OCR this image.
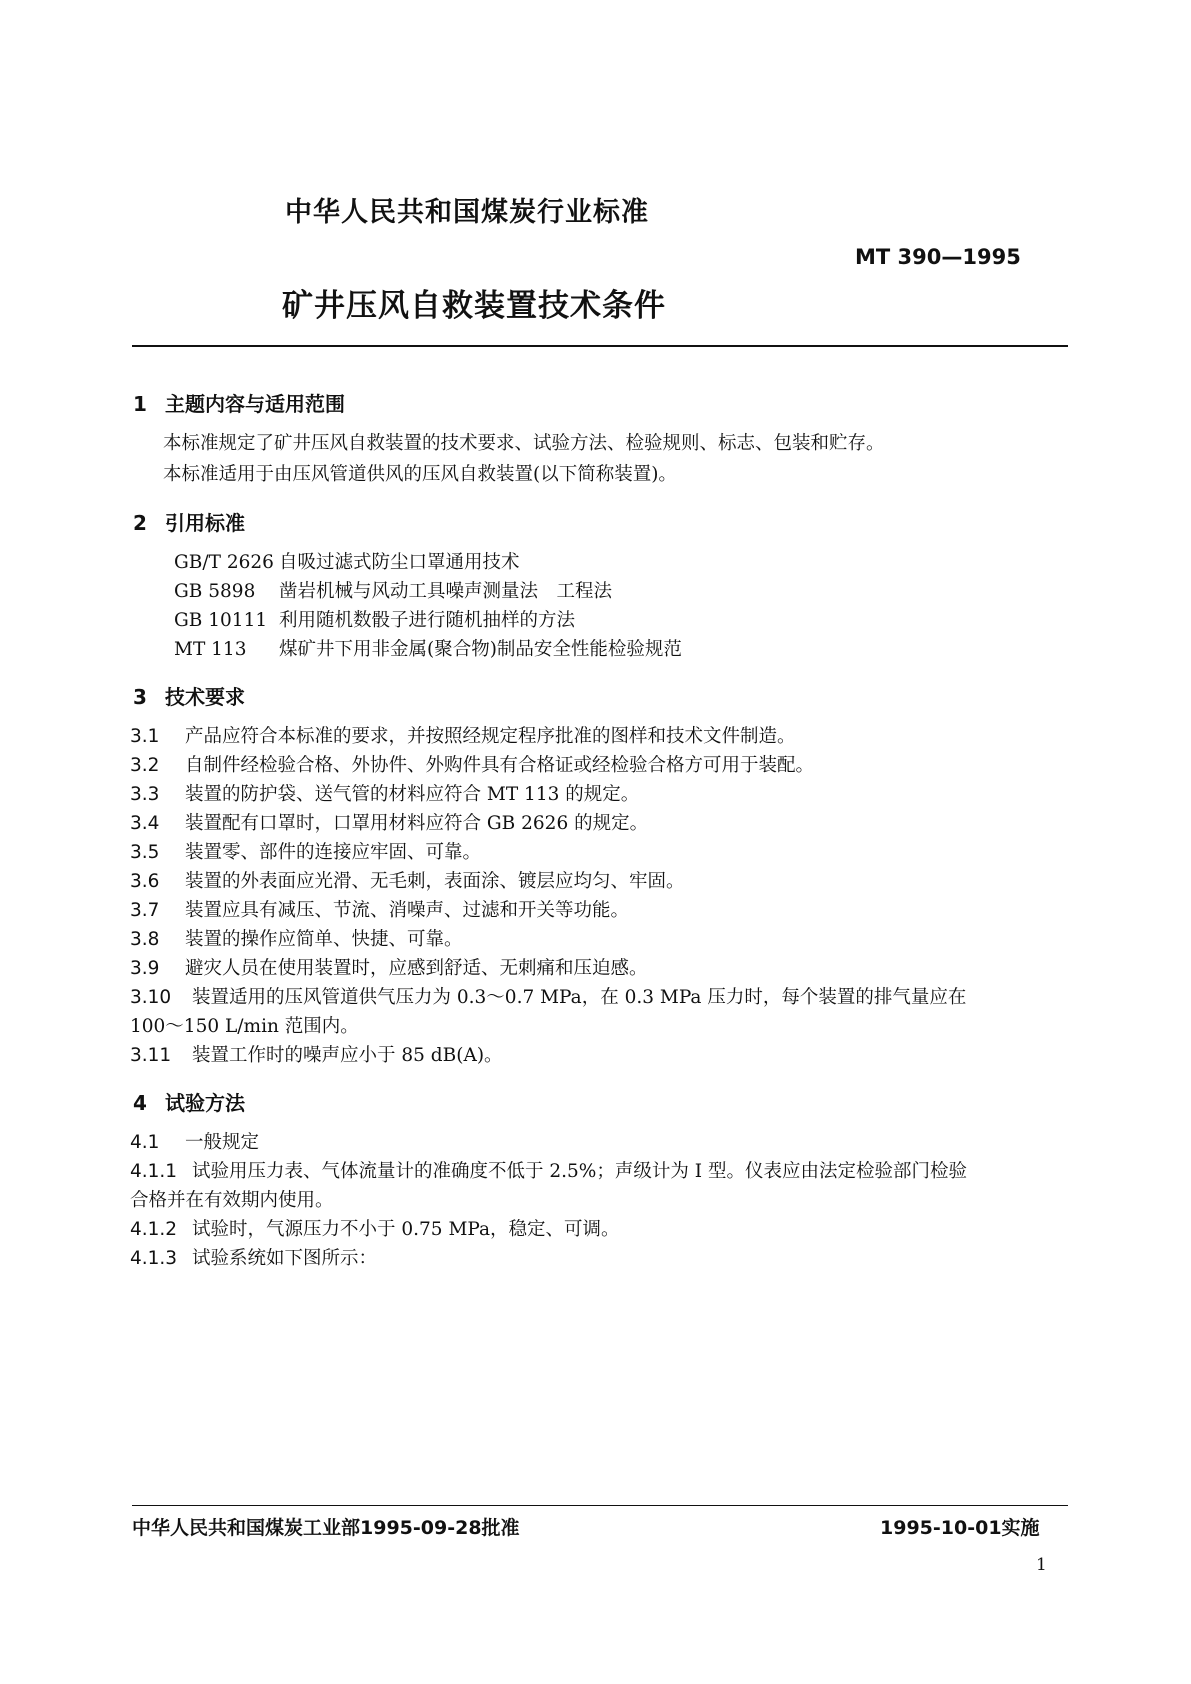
中华人民共和国煤炭行业标准
MT 390—1995
矿井压风自救装置技术条件
1 主题内容与适用范围
本标准规定了矿井压风自救装置的技术要求、试验方法、检验规则、标志、包装和贮存。
本标准适用于由压风管道供风的压风自救装置(以下简称装置)。
2 引用标准
GB/T 2626 自吸过滤式防尘口罩通用技术
GB 5898 凿岩机械与风动工具噪声测量法　工程法
GB 10111 利用随机数骰子进行随机抽样的方法
MT 113 煤矿井下用非金属(聚合物)制品安全性能检验规范
3 技术要求
3.1 产品应符合本标准的要求，并按照经规定程序批准的图样和技术文件制造。
3.2 自制件经检验合格、外协件、外购件具有合格证或经检验合格方可用于装配。
3.3 装置的防护袋、送气管的材料应符合 MT 113 的规定。
3.4 装置配有口罩时，口罩用材料应符合 GB 2626 的规定。
3.5 装置零、部件的连接应牢固、可靠。
3.6 装置的外表面应光滑、无毛刺，表面涂、镀层应均匀、牢固。
3.7 装置应具有减压、节流、消噪声、过滤和开关等功能。
3.8 装置的操作应简单、快捷、可靠。
3.9 避灾人员在使用装置时，应感到舒适、无刺痛和压迫感。
3.10 装置适用的压风管道供气压力为 0.3～0.7 MPa，在 0.3 MPa 压力时，每个装置的排气量应在
100～150 L/min 范围内。
3.11 装置工作时的噪声应小于 85 dB(A)。
4 试验方法
4.1 一般规定
4.1.1 试验用压力表、气体流量计的准确度不低于 2.5%；声级计为 Ⅰ 型。仪表应由法定检验部门检验
合格并在有效期内使用。
4.1.2 试验时，气源压力不小于 0.75 MPa，稳定、可调。
4.1.3 试验系统如下图所示：
中华人民共和国煤炭工业部1995-09-28批准	1995-10-01实施
1
